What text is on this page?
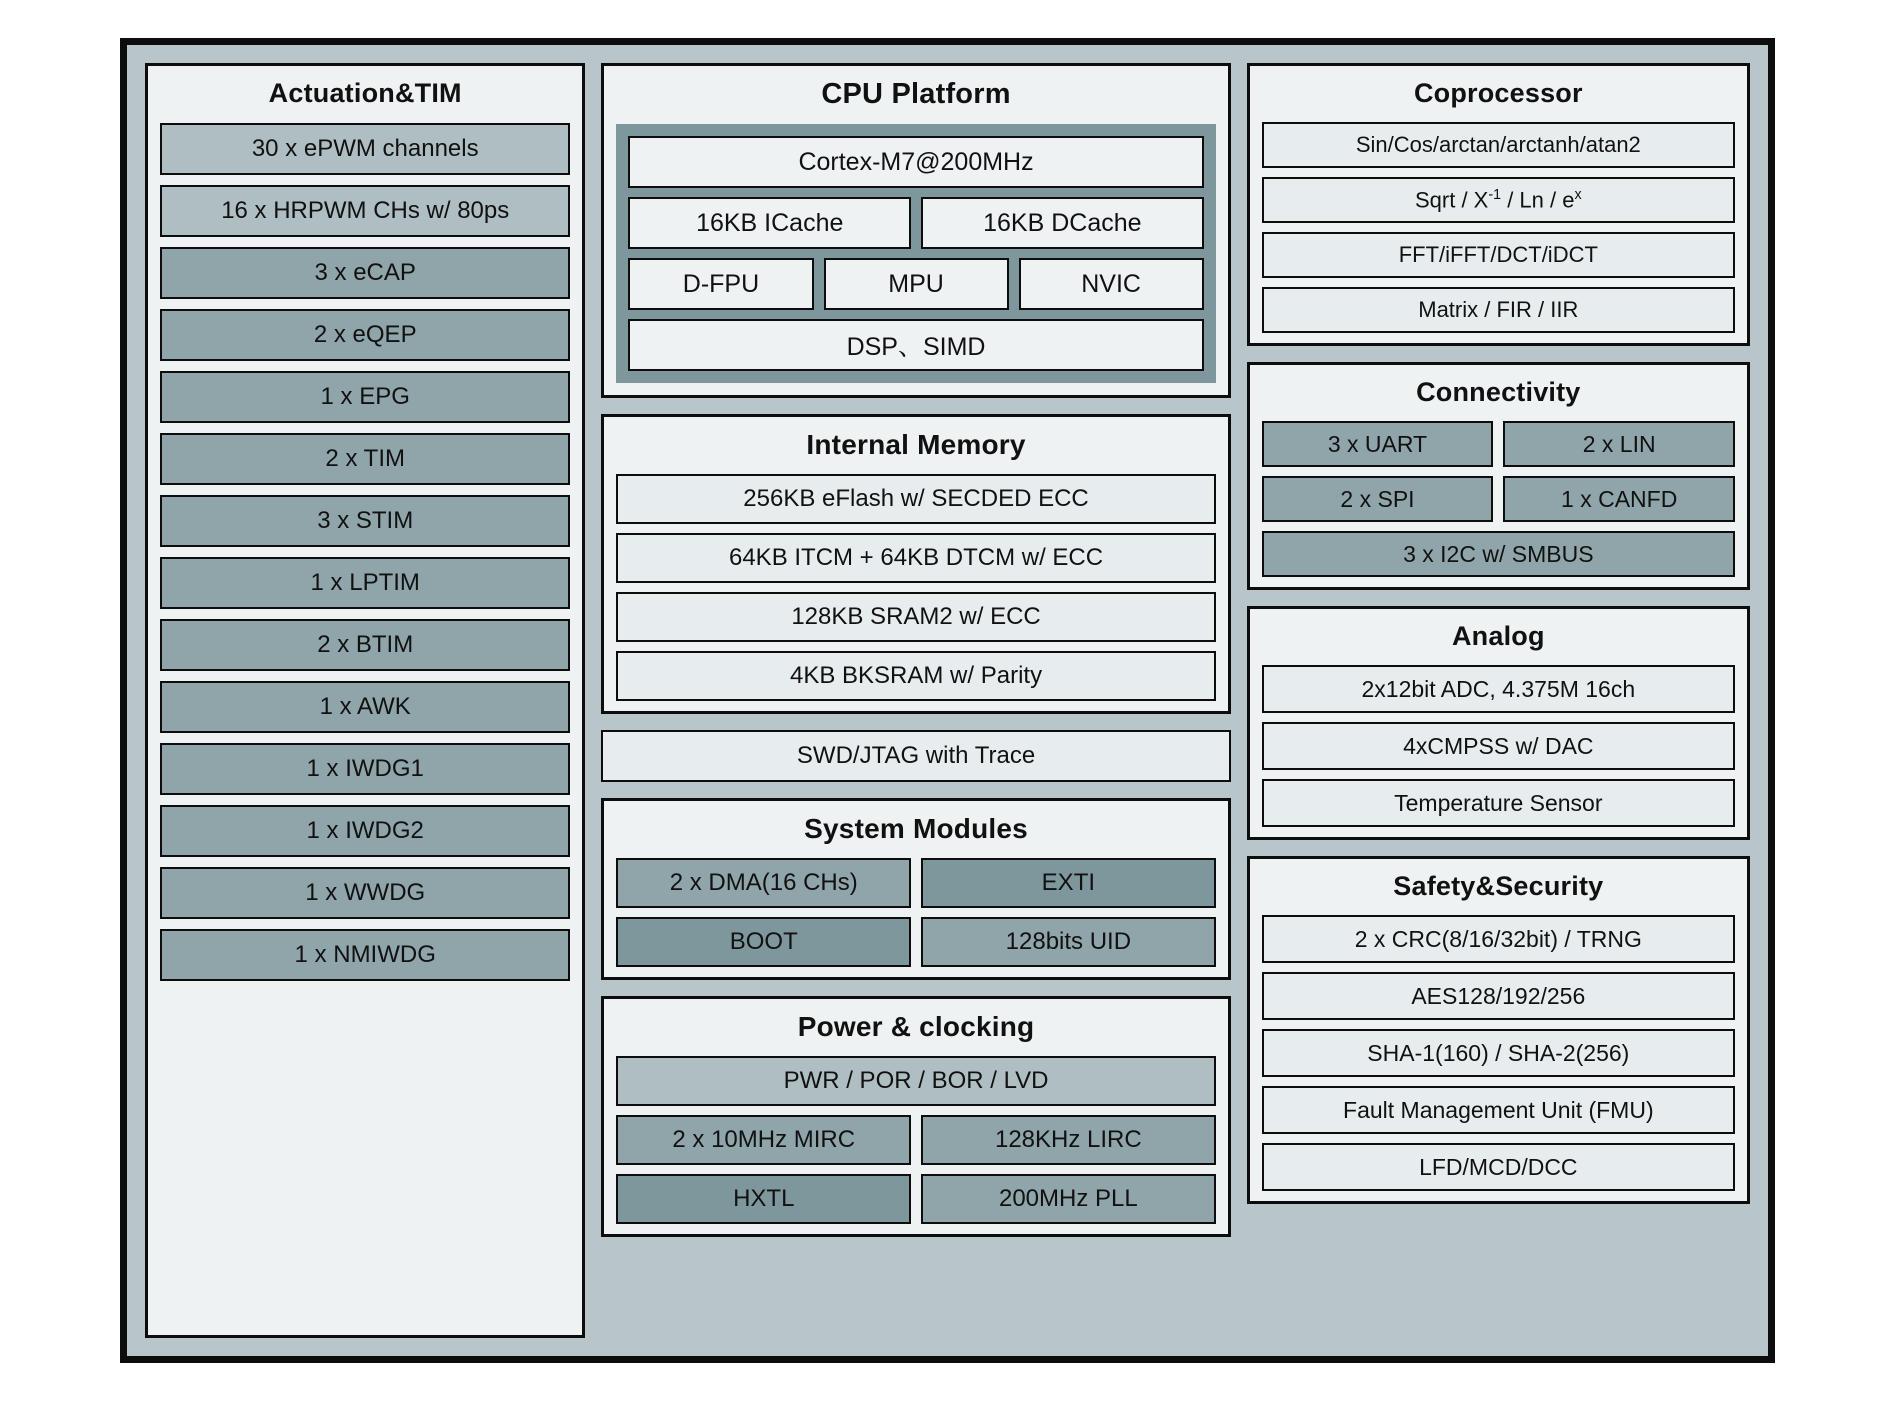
Actuation&TIM
30 x ePWM channels
16 x HRPWM CHs w/ 80ps
3 x eCAP
2 x eQEP
1 x EPG
2 x TIM
3 x STIM
1 x LPTIM
2 x BTIM
1 x AWK
1 x IWDG1
1 x IWDG2
1 x WWDG
1 x NMIWDG
CPU Platform
Cortex-M7@200MHz
16KB ICache	16KB DCache
D-FPU	MPU	NVIC
DSP、SIMD
Internal Memory
256KB eFlash w/ SECDED ECC
64KB ITCM + 64KB DTCM w/ ECC
128KB SRAM2 w/ ECC
4KB BKSRAM w/ Parity
SWD/JTAG with Trace
System Modules
2 x DMA(16 CHs)	EXTI
BOOT	128bits UID
Power & clocking
PWR / POR / BOR / LVD
2 x 10MHz MIRC	128KHz LIRC
HXTL	200MHz PLL
Coprocessor
Sin/Cos/arctan/arctanh/atan2
Sqrt / $X^{-1}$ / Ln / $e^x$
FFT/iFFT/DCT/iDCT
Matrix / FIR / IIR
Connectivity
3 x UART	2 x LIN
2 x SPI	1 x CANFD
3 x I2C w/ SMBUS
Analog
2x12bit ADC, 4.375M 16ch
4xCMPSS w/ DAC
Temperature Sensor
Safety&Security
2 x CRC(8/16/32bit) / TRNG
AES128/192/256
SHA-1(160) / SHA-2(256)
Fault Management Unit (FMU)
LFD/MCD/DCC
